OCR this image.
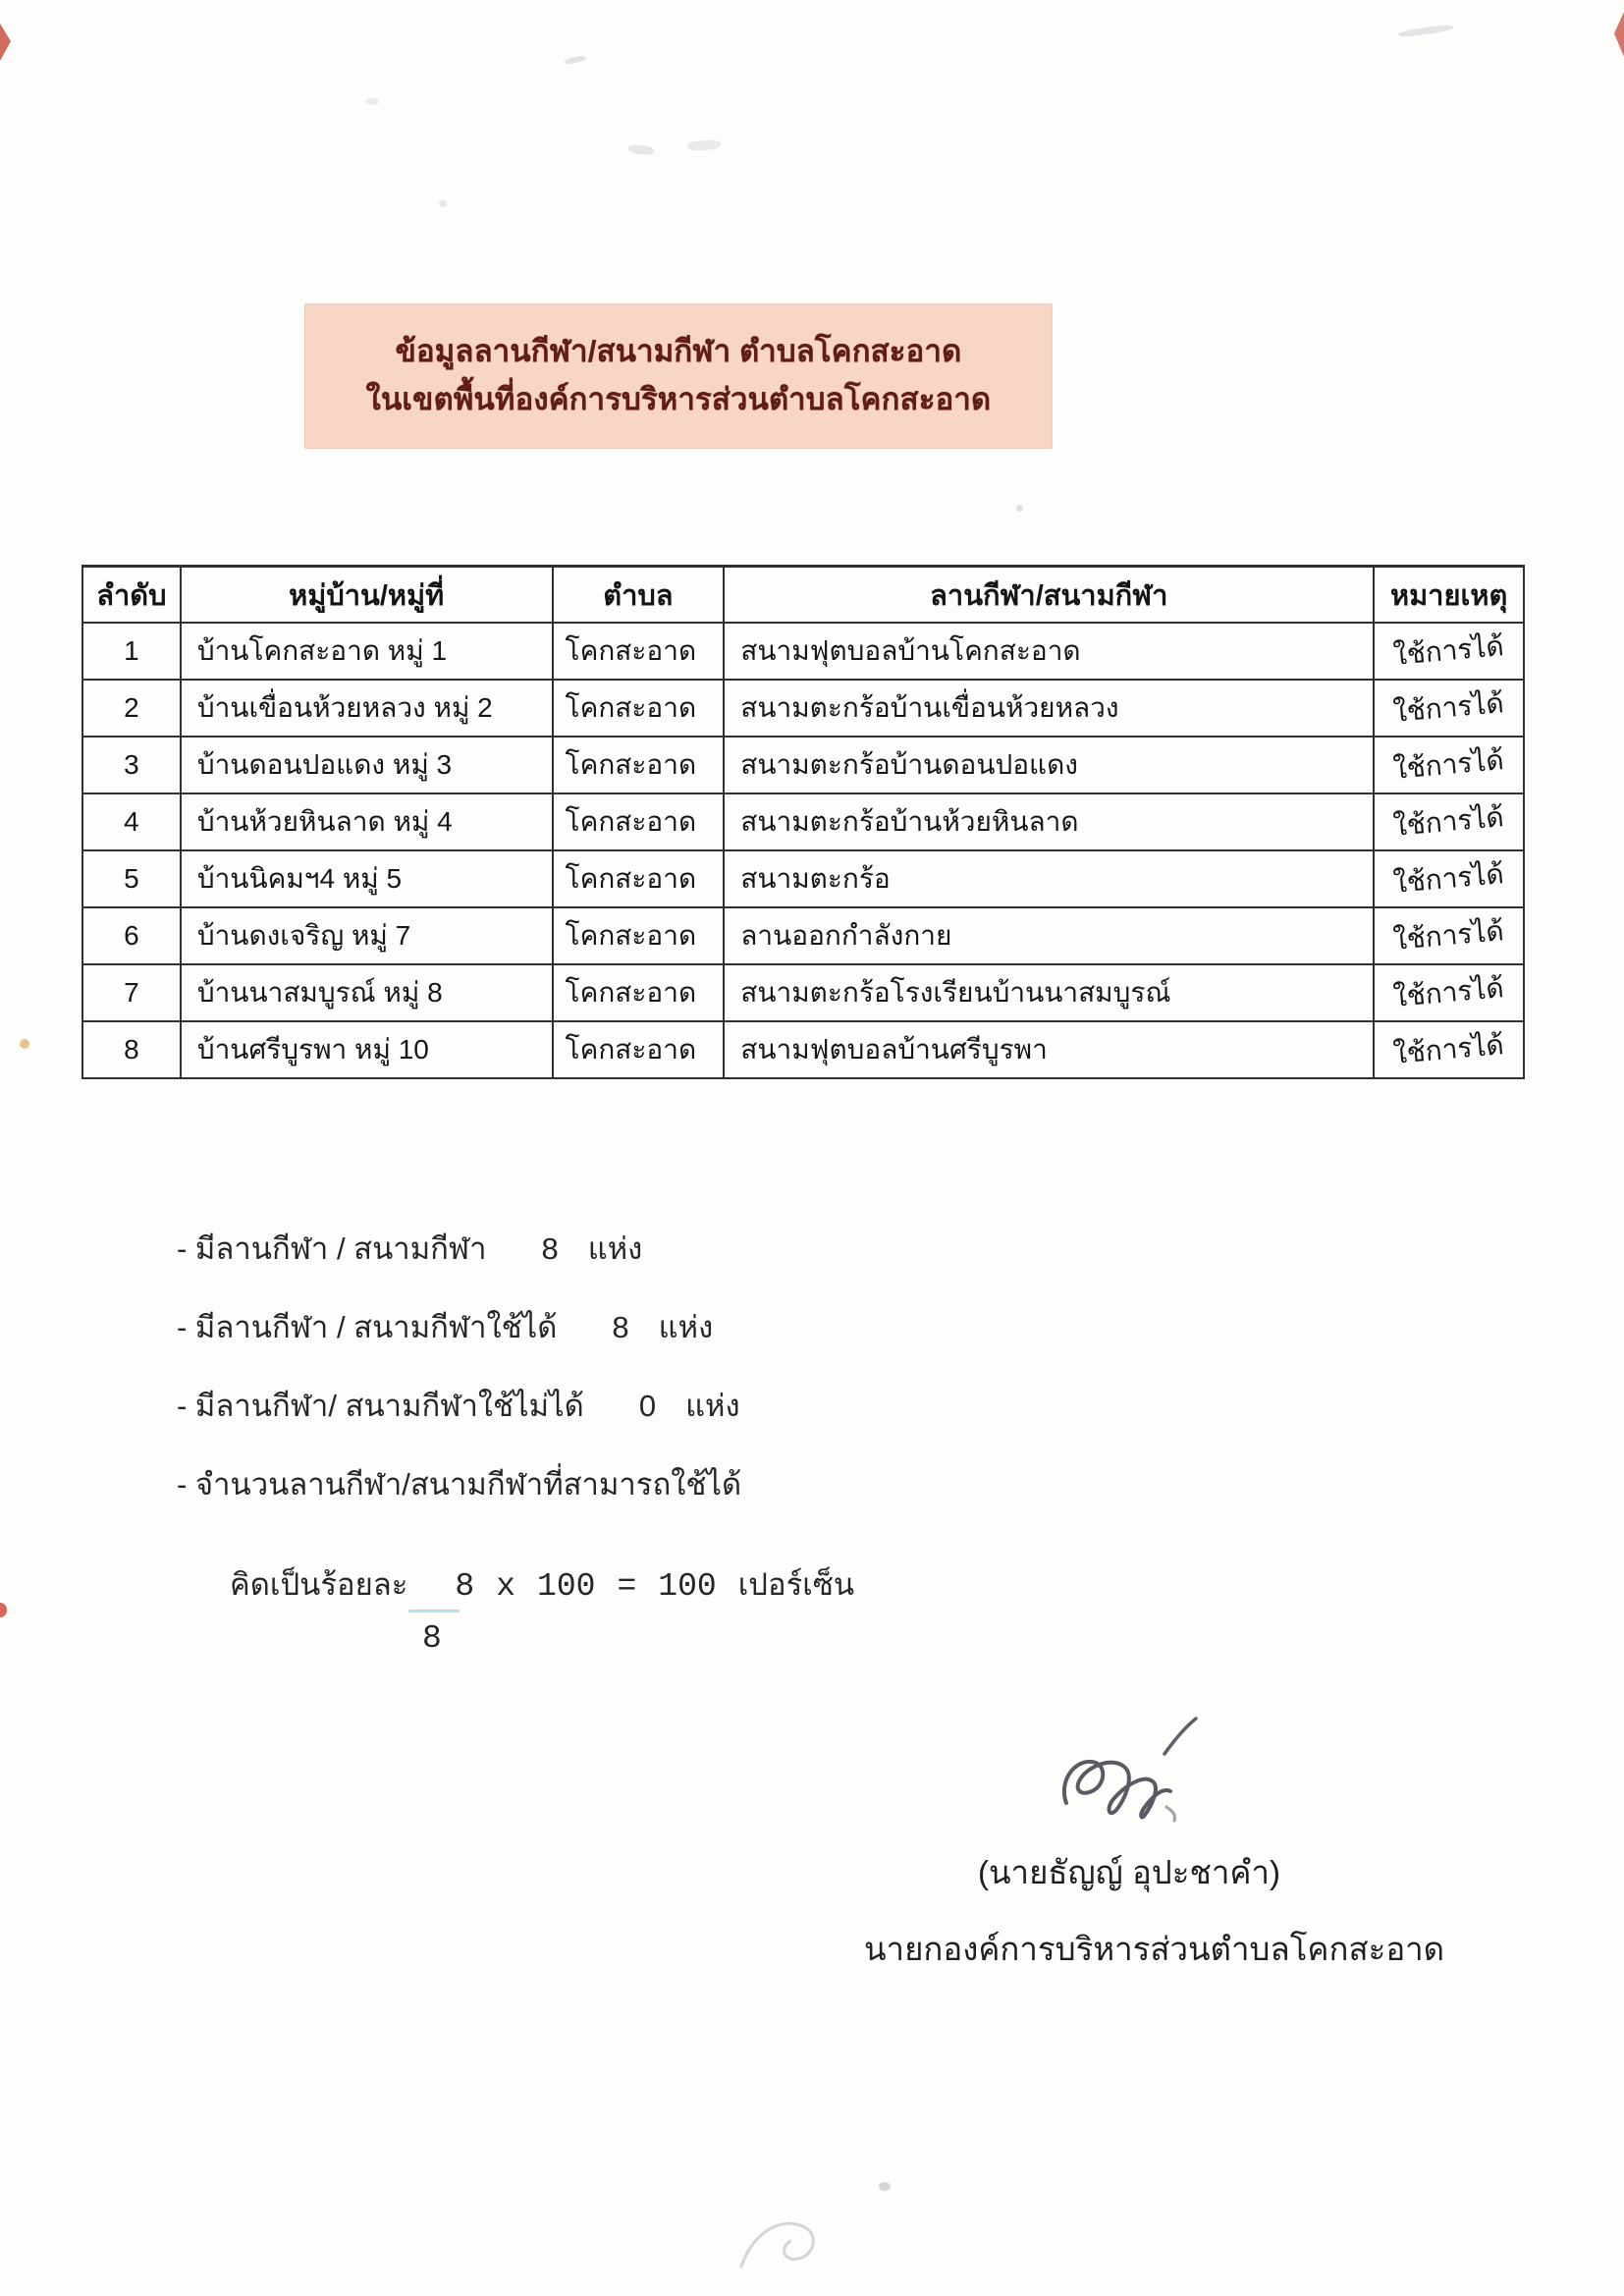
ข้อมูลลานกีฬา/สนามกีฬา ตำบลโคกสะอาด
ในเขตพื้นที่องค์การบริหารส่วนตำบลโคกสะอาด
ลำดับ	หมู่บ้าน/หมู่ที่	ตำบล	ลานกีฬา/สนามกีฬา	หมายเหตุ
1	บ้านโคกสะอาด หมู่ 1	โคกสะอาด	สนามฟุตบอลบ้านโคกสะอาด	ใช้การได้
2	บ้านเขื่อนห้วยหลวง หมู่ 2	โคกสะอาด	สนามตะกร้อบ้านเขื่อนห้วยหลวง	ใช้การได้
3	บ้านดอนปอแดง หมู่ 3	โคกสะอาด	สนามตะกร้อบ้านดอนปอแดง	ใช้การได้
4	บ้านห้วยหินลาด หมู่ 4	โคกสะอาด	สนามตะกร้อบ้านห้วยหินลาด	ใช้การได้
5	บ้านนิคมฯ4 หมู่ 5	โคกสะอาด	สนามตะกร้อ	ใช้การได้
6	บ้านดงเจริญ หมู่ 7	โคกสะอาด	ลานออกกำลังกาย	ใช้การได้
7	บ้านนาสมบูรณ์ หมู่ 8	โคกสะอาด	สนามตะกร้อโรงเรียนบ้านนาสมบูรณ์	ใช้การได้
8	บ้านศรีบูรพา หมู่ 10	โคกสะอาด	สนามฟุตบอลบ้านศรีบูรพา	ใช้การได้
- มีลานกีฬา / สนามกีฬา 8 แห่ง
- มีลานกีฬา / สนามกีฬาใช้ได้ 8 แห่ง
- มีลานกีฬา/ สนามกีฬาใช้ไม่ได้ 0 แห่ง
- จำนวนลานกีฬา/สนามกีฬาที่สามารถใช้ได้
คิดเป็นร้อยละ 8 x 100 = 100 เปอร์เซ็น
8
(นายธัญญ์ อุปะชาคำ)
นายกองค์การบริหารส่วนตำบลโคกสะอาด
